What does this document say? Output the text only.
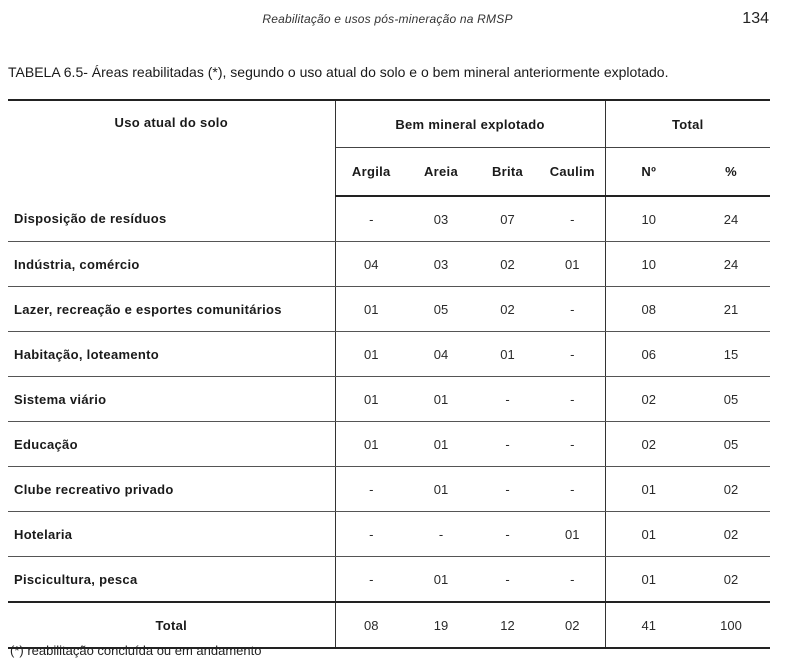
Reabilitação e usos pós-mineração na RMSP	134
TABELA 6.5- Áreas reabilitadas (*), segundo o uso atual do solo e o bem mineral anteriormente explotado.
Uso atual do solo	Bem mineral explotado				Total	
	Argila	Areia	Brita	Caulim	Nº	%
Disposição de resíduos	-	03	07	-	10	24
Indústria, comércio	04	03	02	01	10	24
Lazer, recreação e esportes comunitários	01	05	02	-	08	21
Habitação, loteamento	01	04	01	-	06	15
Sistema viário	01	01	-	-	02	05
Educação	01	01	-	-	02	05
Clube recreativo privado	-	01	-	-	01	02
Hotelaria	-	-	-	01	01	02
Piscicultura, pesca	-	01	-	-	01	02
Total	08	19	12	02	41	100
(*) reabilitação concluída ou em andamento
